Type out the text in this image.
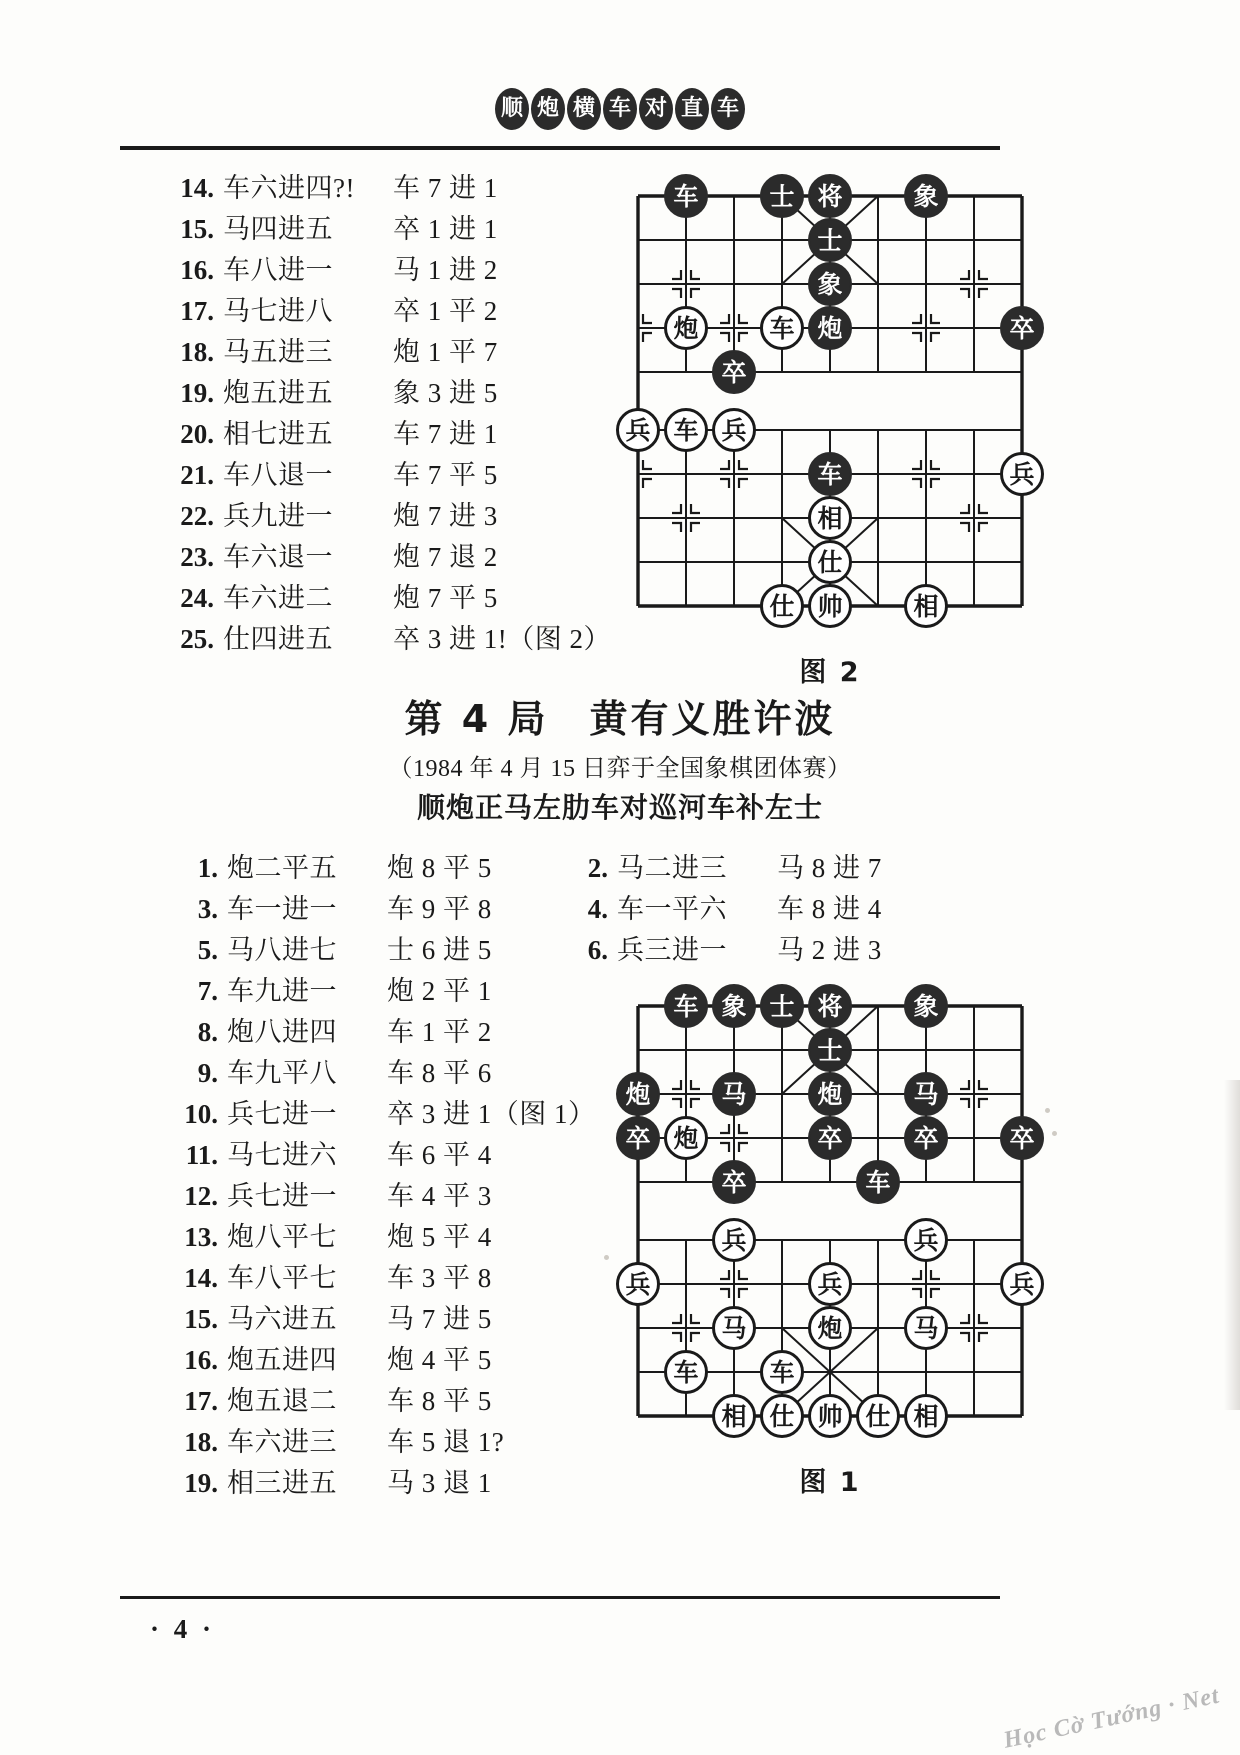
顺 炮 横 车 对 直 车
14. 车六进四?!	车 7 进 1
15. 马四进五	卒 1 进 1
16. 车八进一	马 1 进 2
17. 马七进八	卒 1 平 2
18. 马五进三	炮 1 平 7
19. 炮五进五	象 3 进 5
20. 相七进五	车 7 进 1
21. 车八退一	车 7 平 5
22. 兵九进一	炮 7 进 3
23. 车六退一	炮 7 退 2
24. 车六进二	炮 7 平 5
25. 仕四进五	卒 3 进 1!（图 2）
车	士 将	象
士
象
炮	车 炮	卒
卒
兵 车 兵
车	兵
相
仕
仕 帅	相
图 2
第 4 局　黄有义胜许波
（1984 年 4 月 15 日弈于全国象棋团体赛）
顺炮正马左肋车对巡河车补左士
1. 炮二平五	炮 8 平 5
3. 车一进一	车 9 平 8
5. 马八进七	士 6 进 5
7. 车九进一	炮 2 平 1
8. 炮八进四	车 1 平 2
9. 车九平八	车 8 平 6
10. 兵七进一	卒 3 进 1（图 1）
11. 马七进六	车 6 平 4
12. 兵七进一	车 4 平 3
13. 炮八平七	炮 5 平 4
14. 车八平七	车 3 平 8
15. 马六进五	马 7 进 5
16. 炮五进四	炮 4 平 5
17. 炮五退二	车 8 平 5
18. 车六进三	车 5 退 1?
19. 相三进五	马 3 退 1
2. 马二进三	马 8 进 7
4. 车一平六	车 8 进 4
6. 兵三进一	马 2 进 3
车 象 士 将	象
士
炮	马	炮	马
卒 炮	卒	卒	卒
卒	车
兵	兵
兵	兵	兵
马	炮	马
车	车
相 仕 帅 仕 相
图 1
· 4 ·
Học Cờ Tướng · Net
